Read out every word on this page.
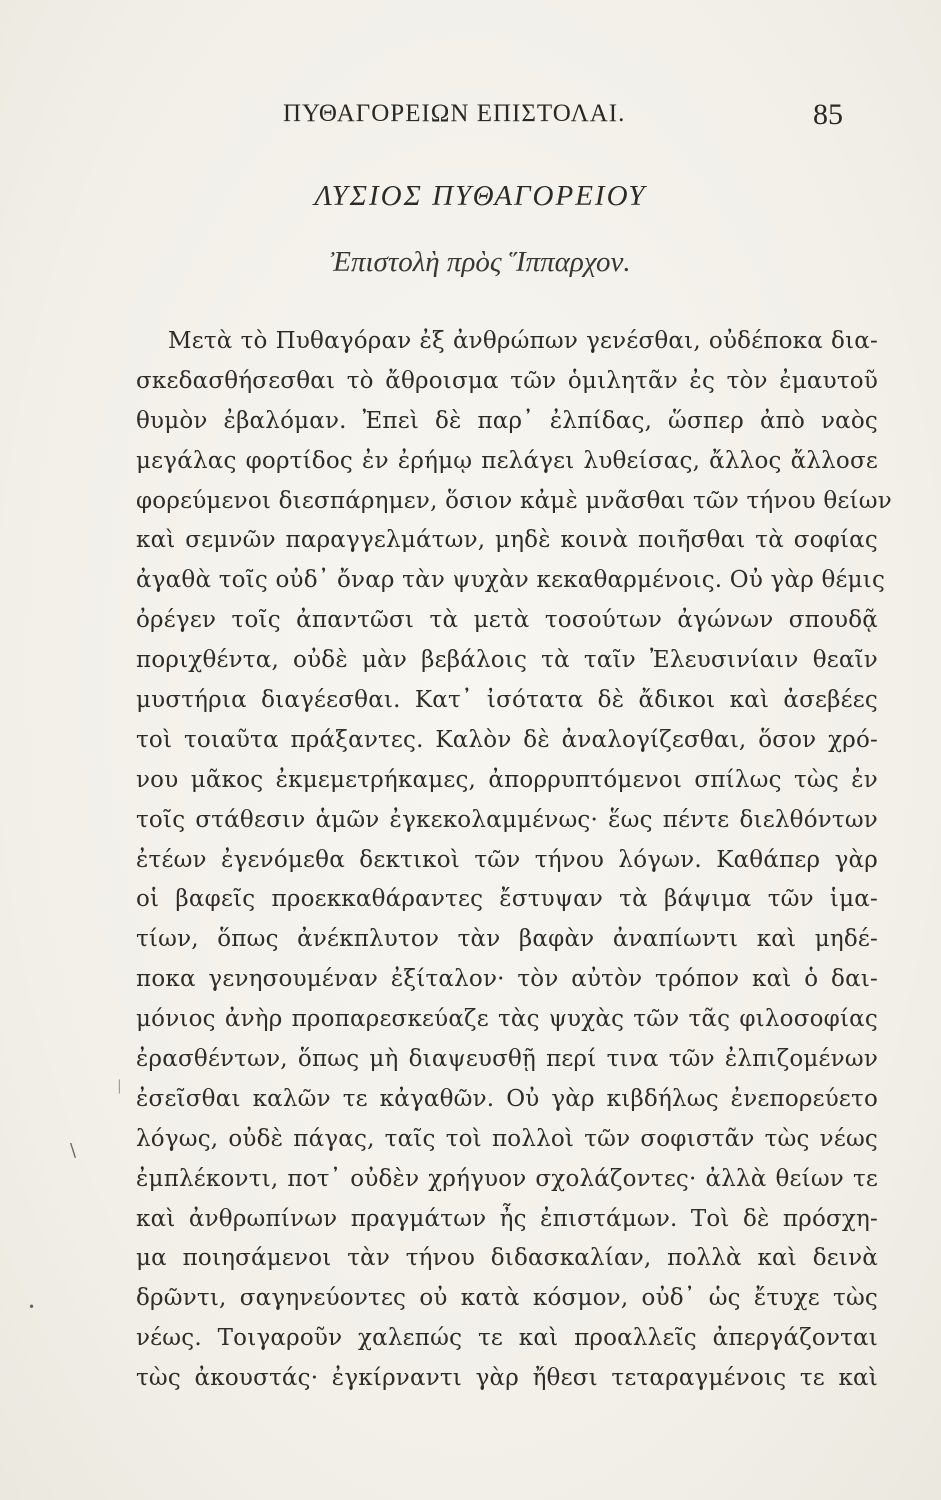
ΠΥΘΑΓΟΡΕΙΩΝ ΕΠΙΣΤΟΛΑΙ.	85
ΛΥΣΙΟΣ ΠΥΘΑΓΟΡΕΙΟΥ
Ἐπιστολὴ πρὸς Ἵππαρχον.
Μετὰ τὸ Πυθαγόραν ἐξ ἀνθρώπων γενέσθαι, οὐδέποκα δια-
σκεδασθήσεσθαι τὸ ἄθροισμα τῶν ὁμιλητᾶν ἐς τὸν ἐμαυτοῦ
θυμὸν ἐβαλόμαν. Ἐπεὶ δὲ παρ᾽ ἐλπίδας, ὥσπερ ἀπὸ ναὸς
μεγάλας φορτίδος ἐν ἐρήμῳ πελάγει λυθείσας, ἄλλος ἄλλοσε
φορεύμενοι διεσπάρημεν, ὅσιον κἀμὲ μνᾶσθαι τῶν τήνου θείων
καὶ σεμνῶν παραγγελμάτων, μηδὲ κοινὰ ποιῆσθαι τὰ σοφίας
ἀγαθὰ τοῖς οὐδ᾽ ὄναρ τὰν ψυχὰν κεκαθαρμένοις. Οὐ γὰρ θέμις
ὀρέγεν τοῖς ἀπαντῶσι τὰ μετὰ τοσούτων ἀγώνων σπουδᾷ
ποριχθέντα, οὐδὲ μὰν βεβάλοις τὰ ταῖν Ἐλευσινίαιν θεαῖν
μυστήρια διαγέεσθαι. Κατ᾽ ἰσότατα δὲ ἄδικοι καὶ ἀσεβέες
τοὶ τοιαῦτα πράξαντες. Καλὸν δὲ ἀναλογίζεσθαι, ὅσον χρό-
νου μᾶκος ἐκμεμετρήκαμες, ἀπορρυπτόμενοι σπίλως τὼς ἐν
τοῖς στάθεσιν ἁμῶν ἐγκεκολαμμένως· ἕως πέντε διελθόντων
ἐτέων ἐγενόμεθα δεκτικοὶ τῶν τήνου λόγων. Καθάπερ γὰρ
οἱ βαφεῖς προεκκαθάραντες ἔστυψαν τὰ βάψιμα τῶν ἱμα-
τίων, ὅπως ἀνέκπλυτον τὰν βαφὰν ἀναπίωντι καὶ μηδέ-
ποκα γενησουμέναν ἐξίταλον· τὸν αὐτὸν τρόπον καὶ ὁ δαι-
μόνιος ἀνὴρ προπαρεσκεύαζε τὰς ψυχὰς τῶν τᾶς φιλοσοφίας
ἐρασθέντων, ὅπως μὴ διαψευσθῇ περί τινα τῶν ἐλπιζομένων
ἐσεῖσθαι καλῶν τε κἀγαθῶν. Οὐ γὰρ κιβδήλως ἐνεπορεύετο
λόγως, οὐδὲ πάγας, ταῖς τοὶ πολλοὶ τῶν σοφιστᾶν τὼς νέως
ἐμπλέκοντι, ποτ᾽ οὐδὲν χρήγυον σχολάζοντες· ἀλλὰ θείων τε
καὶ ἀνθρωπίνων πραγμάτων ἦς ἐπιστάμων. Τοὶ δὲ πρόσχη-
μα ποιησάμενοι τὰν τήνου διδασκαλίαν, πολλὰ καὶ δεινὰ
δρῶντι, σαγηνεύοντες οὐ κατὰ κόσμον, οὐδ᾽ ὡς ἔτυχε τὼς
νέως. Τοιγαροῦν χαλεπώς τε καὶ προαλλεῖς ἀπεργάζονται
τὼς ἀκουστάς· ἐγκίρναντι γὰρ ἤθεσι τεταραγμένοις τε καὶ
\
•
|
